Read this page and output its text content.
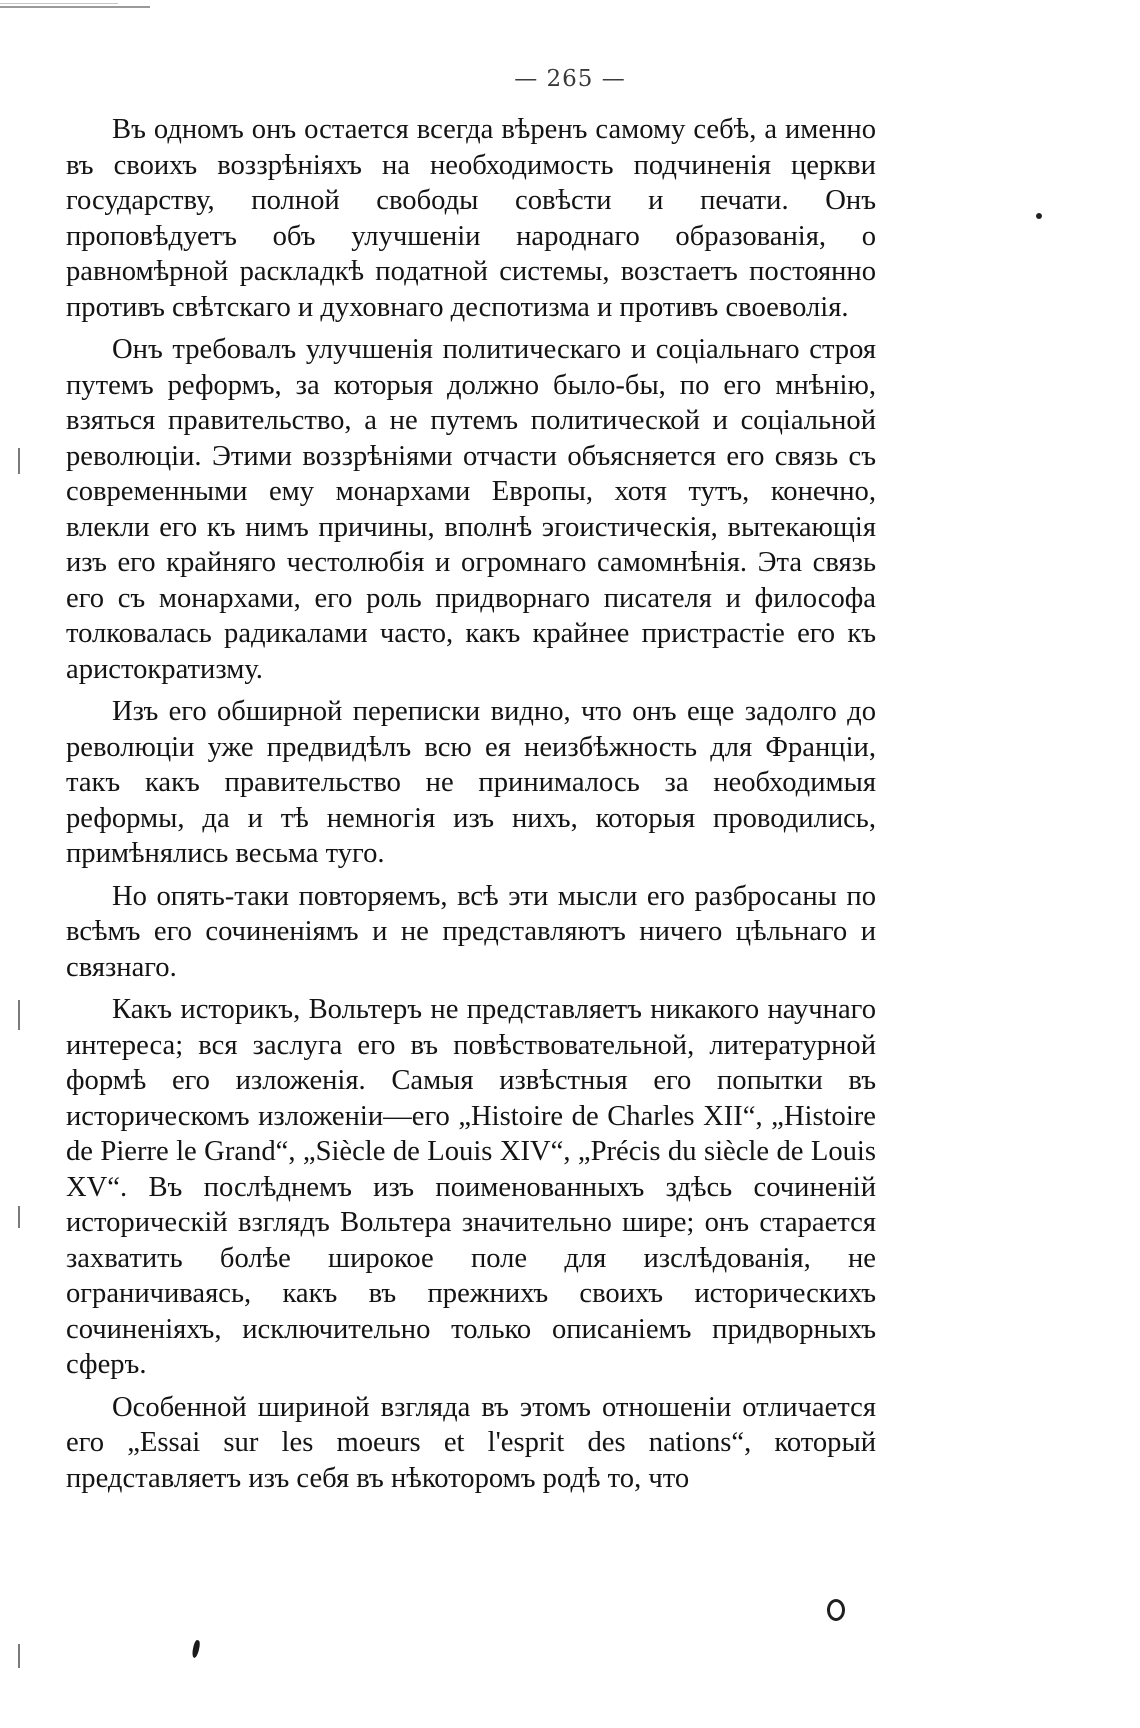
— 265 —

Въ одномъ онъ остается всегда вѣренъ самому себѣ, а именно въ своихъ воззрѣніяхъ на необходимость подчиненія церкви государству, полной свободы совѣсти и печати. Онъ проповѣдуетъ объ улучшеніи народнаго образованія, о равномѣрной раскладкѣ податной системы, возстаетъ постоянно противъ свѣтскаго и духовнаго деспотизма и противъ своеволія.

Онъ требовалъ улучшенія политическаго и соціальнаго строя путемъ реформъ, за которыя должно было-бы, по его мнѣнію, взяться правительство, а не путемъ политической и соціальной революціи. Этими воззрѣніями отчасти объясняется его связь съ современными ему монархами Европы, хотя тутъ, конечно, влекли его къ нимъ причины, вполнѣ эгоистическія, вытекающія изъ его крайняго честолюбія и огромнаго самомнѣнія. Эта связь его съ монархами, его роль придворнаго писателя и философа толковалась радикалами часто, какъ крайнее пристрастіе его къ аристократизму.

Изъ его обширной переписки видно, что онъ еще задолго до революціи уже предвидѣлъ всю ея неизбѣжность для Франціи, такъ какъ правительство не принималось за необходимыя реформы, да и тѣ немногія изъ нихъ, которыя проводились, примѣнялись весьма туго.

Но опять-таки повторяемъ, всѣ эти мысли его разбросаны по всѣмъ его сочиненіямъ и не представляютъ ничего цѣльнаго и связнаго.

Какъ историкъ, Вольтеръ не представляетъ никакого научнаго интереса; вся заслуга его въ повѣствовательной, литературной формѣ его изложенія. Самыя извѣстныя его попытки въ историческомъ изложеніи—его „Histoire de Charles XII“, „Histoire de Pierre le Grand“, „Siècle de Louis XIV“, „Précis du siècle de Louis XV“. Въ послѣднемъ изъ поименованныхъ здѣсь сочиненій историческій взглядъ Вольтера значительно шире; онъ старается захватить болѣе широкое поле для изслѣдованія, не ограничиваясь, какъ въ прежнихъ своихъ историческихъ сочиненіяхъ, исключительно только описаніемъ придворныхъ сферъ.

Особенной шириной взгляда въ этомъ отношеніи отличается его „Essai sur les moeurs et l'esprit des nations“, который представляетъ изъ себя въ нѣкоторомъ родѣ то, что
